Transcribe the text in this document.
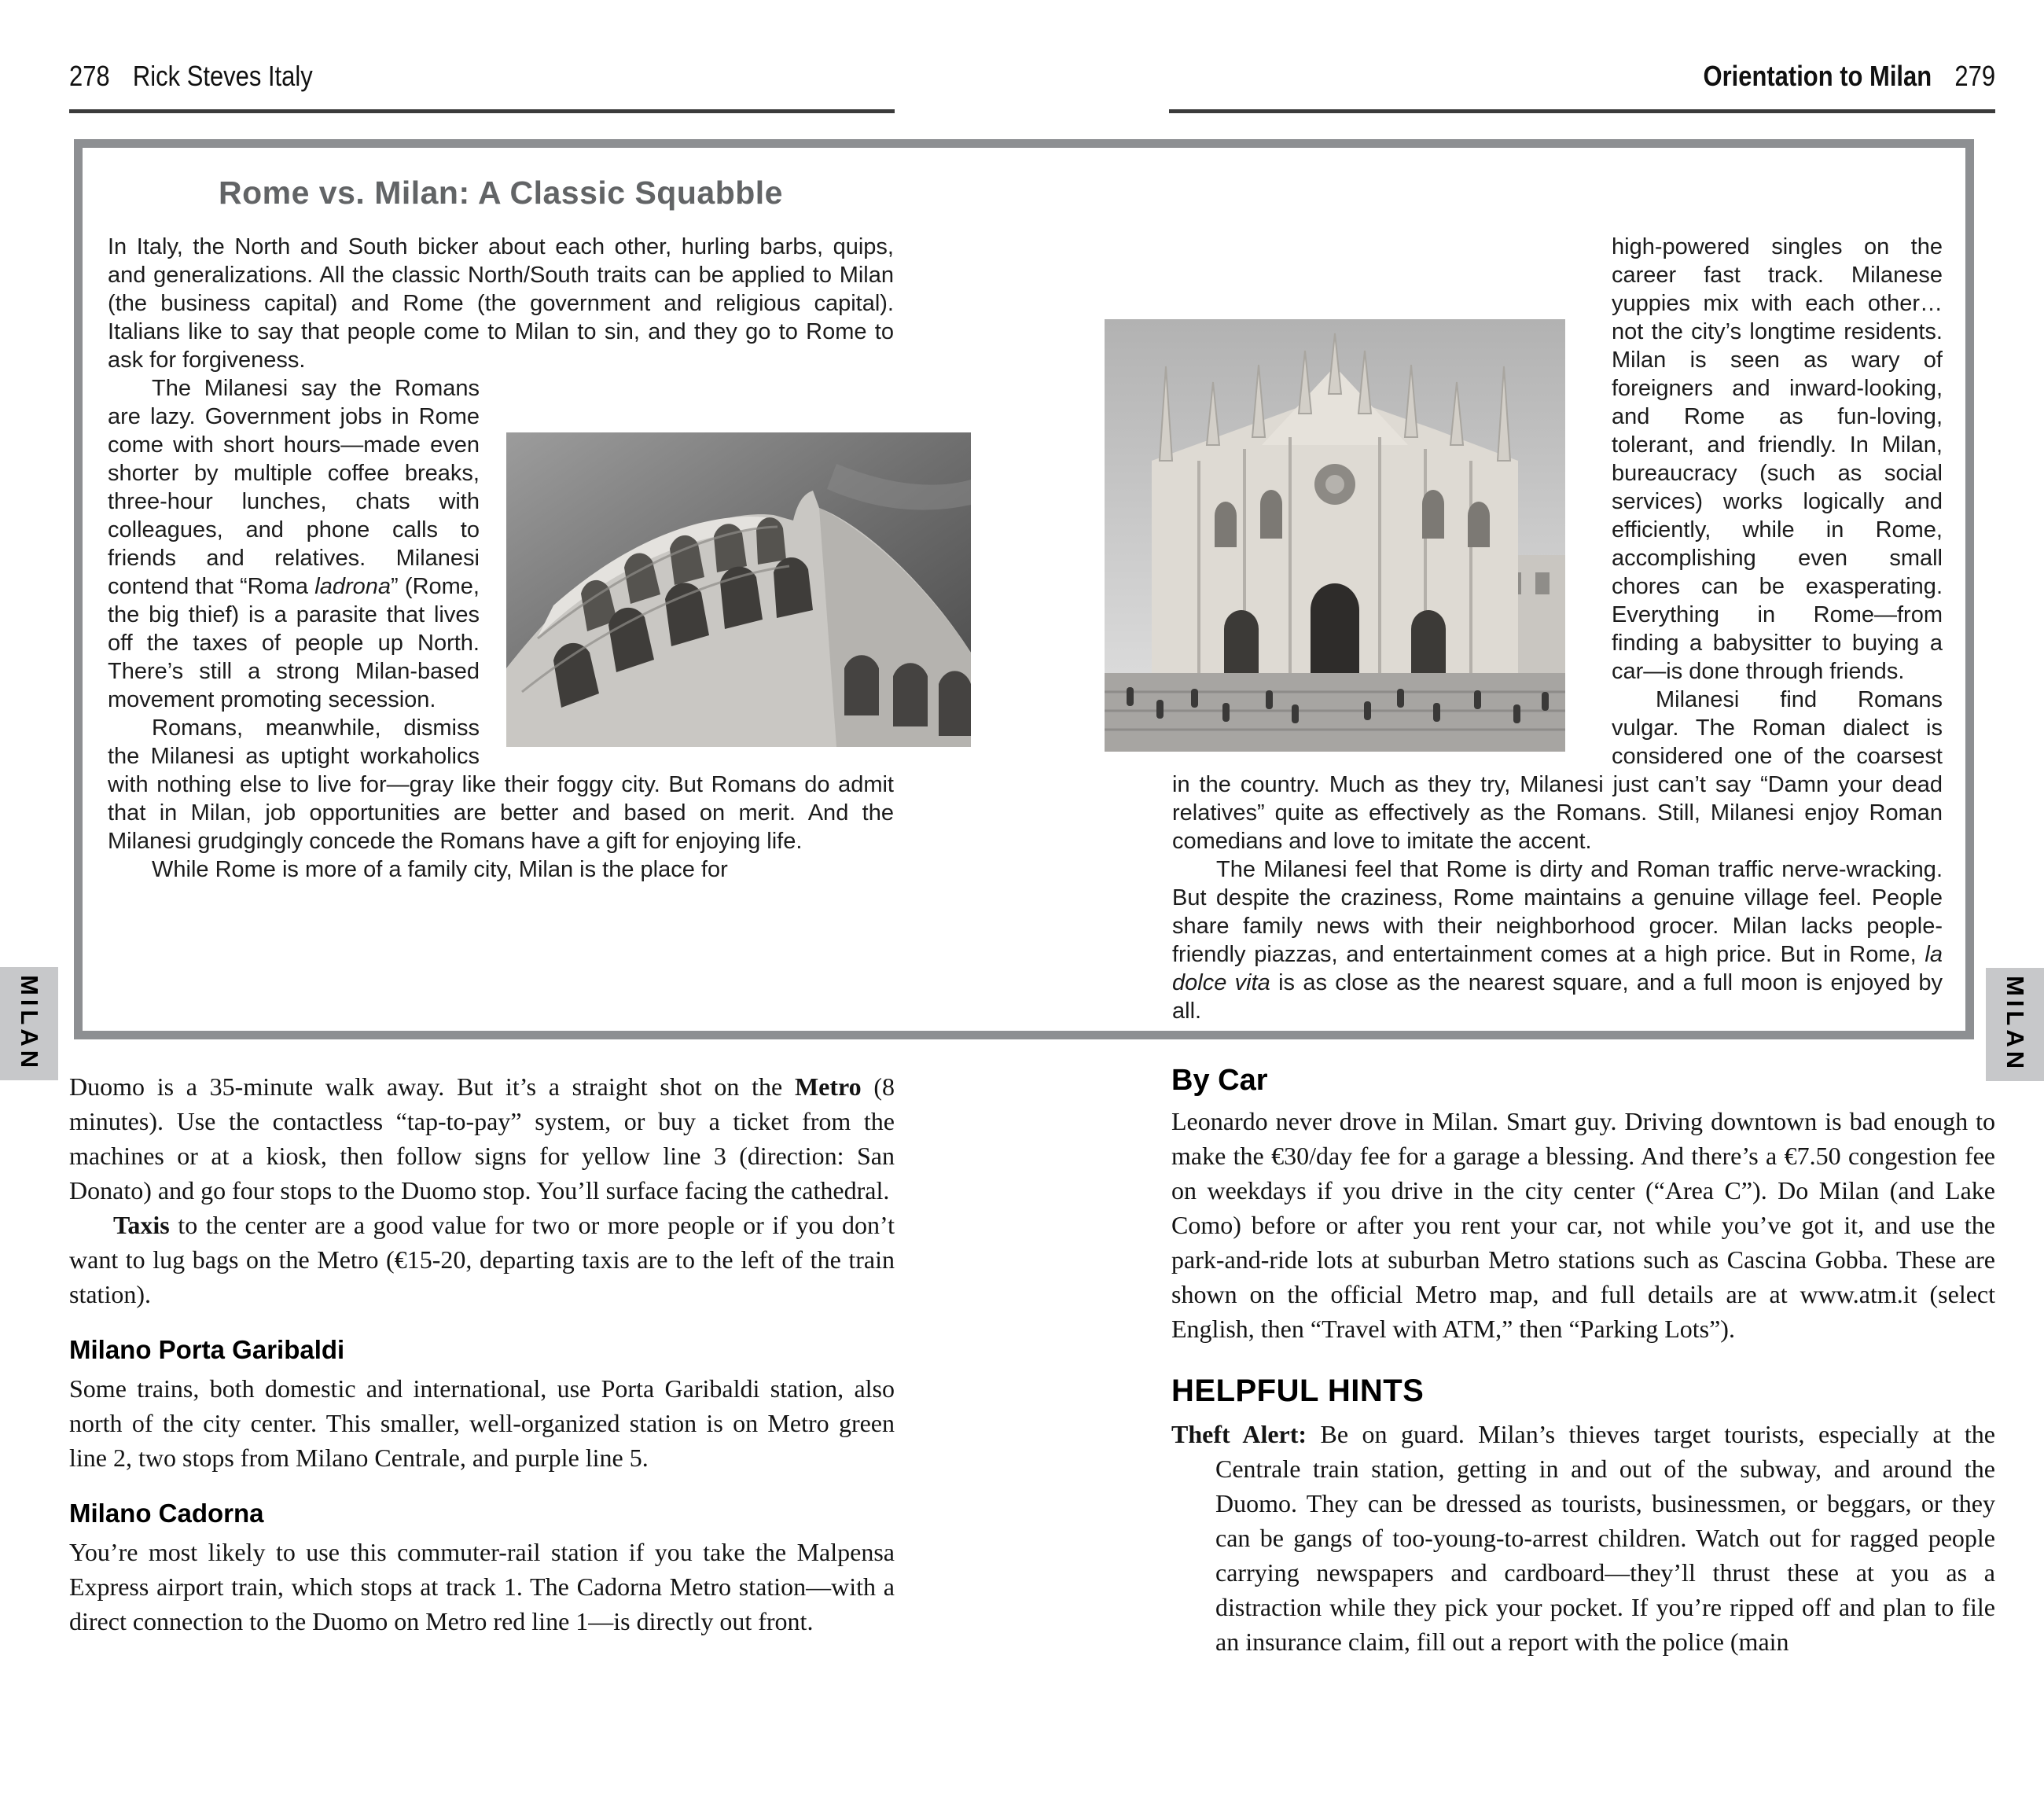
278 Rick Steves Italy	Orientation to Milan 279
Rome vs. Milan: A Classic Squabble

In Italy, the North and South bicker about each other, hurling barbs, quips, and generalizations. All the classic North/South traits can be applied to Milan (the business capital) and Rome (the government and religious capital). Italians like to say that people come to Milan to sin, and they go to Rome to ask for forgiveness.

The Milanesi say the Romans are lazy. Government jobs in Rome come with short hours—made even shorter by multiple coffee breaks, three-hour lunches, chats with colleagues, and phone calls to friends and relatives. Milanesi contend that “Roma ladrona” (Rome, the big thief) is a parasite that lives off the taxes of people up North. There’s still a strong Milan-based movement promoting secession.

Romans, meanwhile, dismiss the Milanesi as uptight workaholics with nothing else to live for—gray like their foggy city. But Romans do admit that in Milan, job opportunities are better and based on merit. And the Milanesi grudgingly concede the Romans have a gift for enjoying life.

While Rome is more of a family city, Milan is the place for

high-powered singles on the career fast track. Milanese yuppies mix with each other…not the city’s longtime residents. Milan is seen as wary of foreigners and inward-looking, and Rome as fun-loving, tolerant, and friendly. In Milan, bureaucracy (such as social services) works logically and efficiently, while in Rome, accomplishing even small chores can be exasperating. Everything in Rome—from finding a babysitter to buying a car—is done through friends.

Milanesi find Romans vulgar. The Roman dialect is considered one of the coarsest in the country. Much as they try, Milanesi just can’t say “Damn your dead relatives” quite as effectively as the Romans. Still, Milanesi enjoy Roman comedians and love to imitate the accent.

The Milanesi feel that Rome is dirty and Roman traffic nerve-wracking. But despite the craziness, Rome maintains a genuine village feel. People share family news with their neighborhood grocer. Milan lacks people-friendly piazzas, and entertainment comes at a high price. But in Rome, la dolce vita is as close as the nearest square, and a full moon is enjoyed by all.

MILAN	MILAN

Duomo is a 35-minute walk away. But it’s a straight shot on the Metro (8 minutes). Use the contactless “tap-to-pay” system, or buy a ticket from the machines or at a kiosk, then follow signs for yellow line 3 (direction: San Donato) and go four stops to the Duomo stop. You’ll surface facing the cathedral.

Taxis to the center are a good value for two or more people or if you don’t want to lug bags on the Metro (€15-20, departing taxis are to the left of the train station).

Milano Porta Garibaldi

Some trains, both domestic and international, use Porta Garibaldi station, also north of the city center. This smaller, well-organized station is on Metro green line 2, two stops from Milano Centrale, and purple line 5.

Milano Cadorna

You’re most likely to use this commuter-rail station if you take the Malpensa Express airport train, which stops at track 1. The Cadorna Metro station—with a direct connection to the Duomo on Metro red line 1—is directly out front.

By Car

Leonardo never drove in Milan. Smart guy. Driving downtown is bad enough to make the €30/day fee for a garage a blessing. And there’s a €7.50 congestion fee on weekdays if you drive in the city center (“Area C”). Do Milan (and Lake Como) before or after you rent your car, not while you’ve got it, and use the park-and-ride lots at suburban Metro stations such as Cascina Gobba. These are shown on the official Metro map, and full details are at www.atm.it (select English, then “Travel with ATM,” then “Parking Lots”).

HELPFUL HINTS

Theft Alert: Be on guard. Milan’s thieves target tourists, especially at the Centrale train station, getting in and out of the subway, and around the Duomo. They can be dressed as tourists, businessmen, or beggars, or they can be gangs of too-young-to-arrest children. Watch out for ragged people carrying newspapers and cardboard—they’ll thrust these at you as a distraction while they pick your pocket. If you’re ripped off and plan to file an insurance claim, fill out a report with the police (main
